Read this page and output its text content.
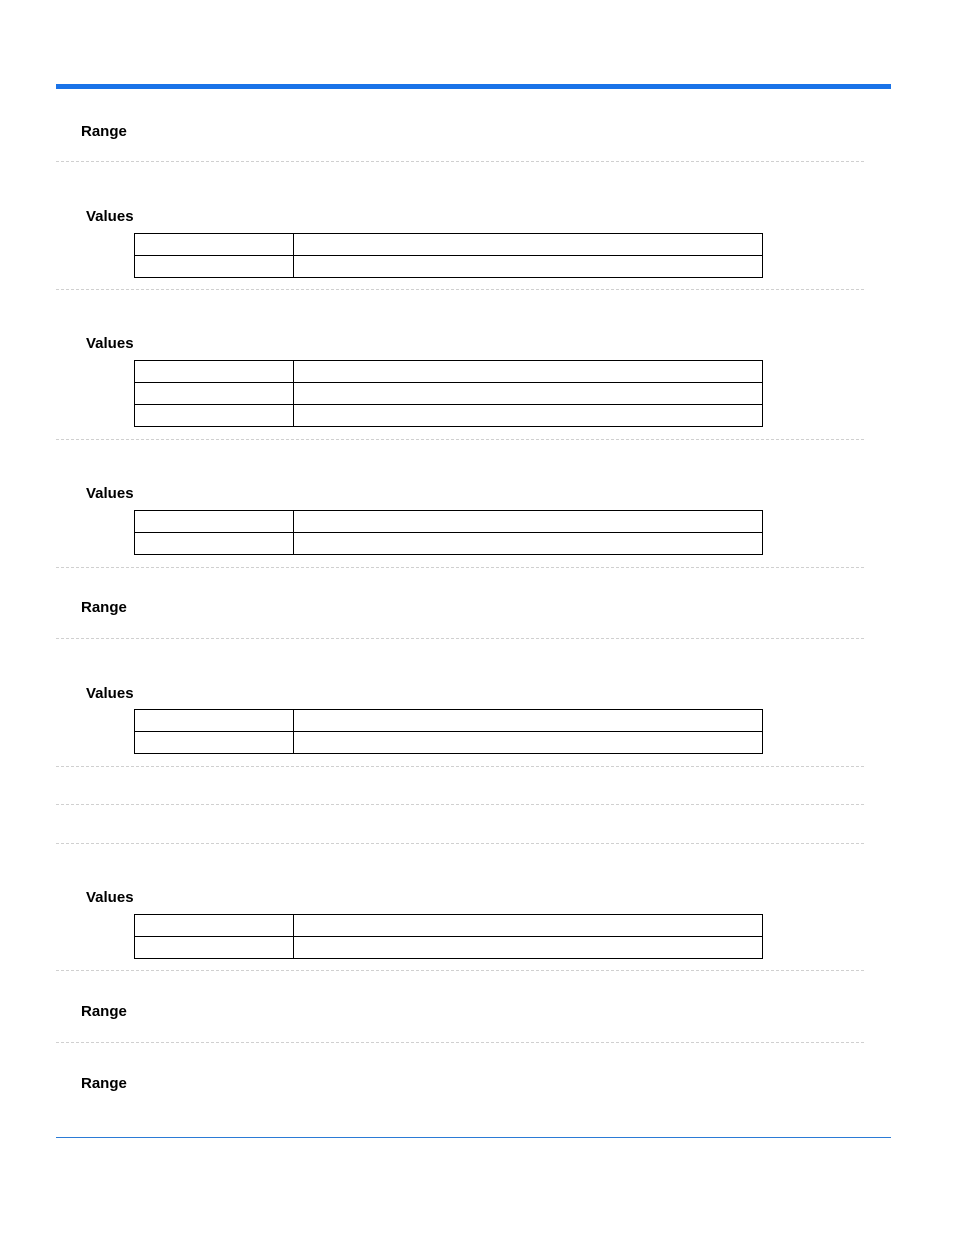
Range
Values

Values

Values

Range
Values

Values

Range
Range
